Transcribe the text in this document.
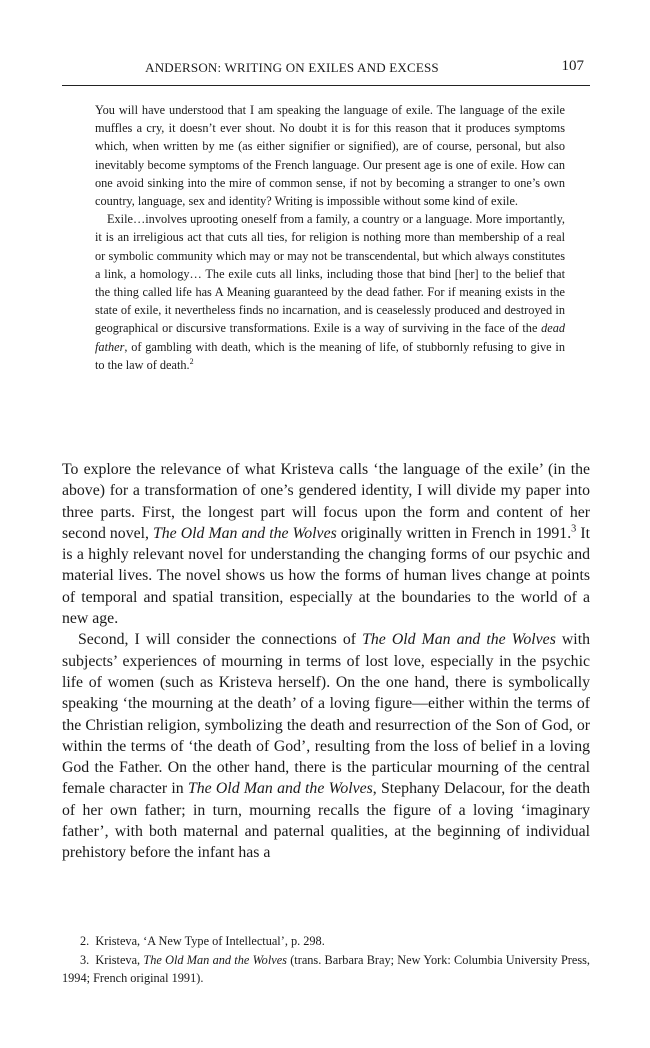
ANDERSON: WRITING ON EXILES AND EXCESS	107

You will have understood that I am speaking the language of exile. The language of the exile muffles a cry, it doesn’t ever shout. No doubt it is for this reason that it produces symptoms which, when written by me (as either signifier or signified), are of course, personal, but also inevitably become symptoms of the French language. Our present age is one of exile. How can one avoid sinking into the mire of common sense, if not by becoming a stranger to one’s own country, language, sex and identity? Writing is impossible without some kind of exile.

Exile…involves uprooting oneself from a family, a country or a language. More importantly, it is an irreligious act that cuts all ties, for religion is nothing more than membership of a real or symbolic community which may or may not be transcendental, but which always constitutes a link, a homology… The exile cuts all links, including those that bind [her] to the belief that the thing called life has A Meaning guaranteed by the dead father. For if meaning exists in the state of exile, it nevertheless finds no incarnation, and is ceaselessly produced and destroyed in geographical or discursive transformations. Exile is a way of surviving in the face of the dead father, of gambling with death, which is the meaning of life, of stubbornly refusing to give in to the law of death.$^2$

To explore the relevance of what Kristeva calls ‘the language of the exile’ (in the above) for a transformation of one’s gendered identity, I will divide my paper into three parts. First, the longest part will focus upon the form and content of her second novel, The Old Man and the Wolves originally written in French in 1991.$^3$ It is a highly relevant novel for understanding the changing forms of our psychic and material lives. The novel shows us how the forms of human lives change at points of temporal and spatial transition, especially at the boundaries to the world of a new age.

Second, I will consider the connections of The Old Man and the Wolves with subjects’ experiences of mourning in terms of lost love, especially in the psychic life of women (such as Kristeva herself). On the one hand, there is symbolically speaking ‘the mourning at the death’ of a loving figure—either within the terms of the Christian religion, symbolizing the death and resurrection of the Son of God, or within the terms of ‘the death of God’, resulting from the loss of belief in a loving God the Father. On the other hand, there is the particular mourning of the central female character in The Old Man and the Wolves, Stephany Delacour, for the death of her own father; in turn, mourning recalls the figure of a loving ‘imaginary father’, with both maternal and paternal qualities, at the beginning of individual prehistory before the infant has a

2. Kristeva, ‘A New Type of Intellectual’, p. 298.

3. Kristeva, The Old Man and the Wolves (trans. Barbara Bray; New York: Columbia University Press, 1994; French original 1991).
